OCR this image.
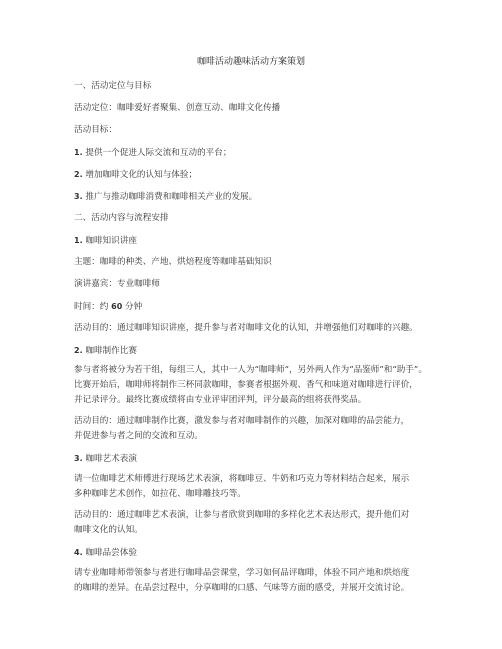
咖啡活动趣味活动方案策划
一、活动定位与目标
活动定位：咖啡爱好者聚集、创意互动、咖啡文化传播
活动目标：
1. 提供一个促进人际交流和互动的平台；
2. 增加咖啡文化的认知与体验；
3. 推广与推动咖啡消费和咖啡相关产业的发展。
二、活动内容与流程安排
1. 咖啡知识讲座
主题：咖啡的种类、产地、烘焙程度等咖啡基础知识
演讲嘉宾：专业咖啡师
时间：约 60 分钟
活动目的：通过咖啡知识讲座，提升参与者对咖啡文化的认知，并增强他们对咖啡的兴趣。
2. 咖啡制作比赛
参与者将被分为若干组，每组三人，其中一人为“咖啡师”，另外两人作为“品鉴师”和“助手”。
比赛开始后，咖啡师将制作三杯同款咖啡，参赛者根据外观、香气和味道对咖啡进行评价，
并记录评分。最终比赛成绩将由专业评审团评判，评分最高的组将获得奖品。
活动目的：通过咖啡制作比赛，激发参与者对咖啡制作的兴趣，加深对咖啡的品尝能力，
并促进参与者之间的交流和互动。
3. 咖啡艺术表演
请一位咖啡艺术师傅进行现场艺术表演，将咖啡豆、牛奶和巧克力等材料结合起来，展示
多种咖啡艺术创作，如拉花、咖啡雕技巧等。
活动目的：通过咖啡艺术表演，让参与者欣赏到咖啡的多样化艺术表达形式，提升他们对
咖啡文化的认知。
4. 咖啡品尝体验
请专业咖啡师带领参与者进行咖啡品尝课堂，学习如何品评咖啡，体验不同产地和烘焙度
的咖啡的差异。在品尝过程中，分享咖啡的口感、气味等方面的感受，并展开交流讨论。
